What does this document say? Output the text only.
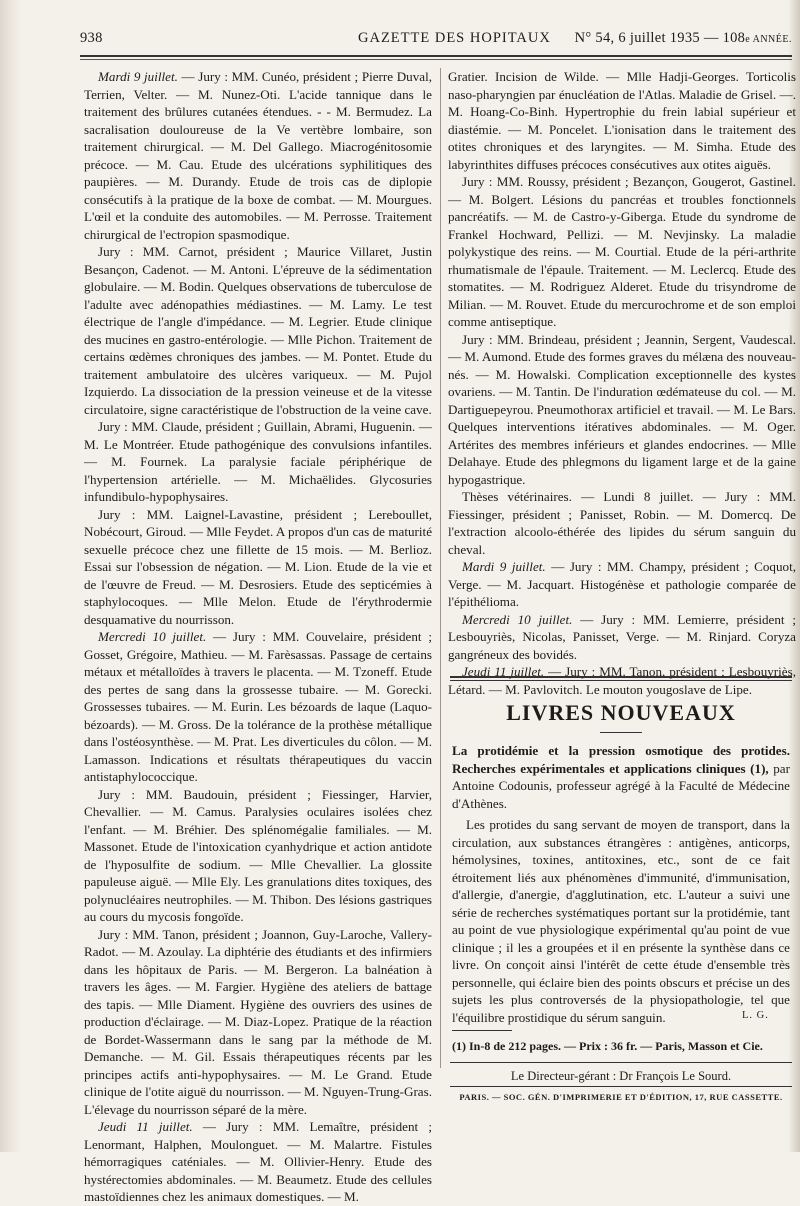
938	GAZETTE DES HOPITAUX N° 54, 6 juillet 1935 — 108e ANNÉE.

Mardi 9 juillet. — Jury : MM. Cunéo, président ; Pierre Duval, Terrien, Velter. — M. Nunez-Oti. L'acide tannique dans le traitement des brûlures cutanées étendues. - - M. Bermudez. La sacralisation douloureuse de la Ve vertèbre lombaire, son traitement chirurgical. — M. Del Gallego. Miacrogénitosomie précoce. — M. Cau. Etude des ulcérations syphilitiques des paupières. — M. Durandy. Etude de trois cas de diplopie consécutifs à la pratique de la boxe de combat. — M. Mourgues. L'œil et la conduite des automobiles. — M. Perrosse. Traitement chirurgical de l'ectropion spasmodique.

Jury : MM. Carnot, président ; Maurice Villaret, Justin Besançon, Cadenot. — M. Antoni. L'épreuve de la sédimentation globulaire. — M. Bodin. Quelques observations de tuberculose de l'adulte avec adénopathies médiastines. — M. Lamy. Le test électrique de l'angle d'impédance. — M. Legrier. Etude clinique des mucines en gastro-entérologie. — Mlle Pichon. Traitement de certains œdèmes chroniques des jambes. — M. Pontet. Etude du traitement ambulatoire des ulcères variqueux. — M. Pujol Izquierdo. La dissociation de la pression veineuse et de la vitesse circulatoire, signe caractéristique de l'obstruction de la veine cave.

Jury : MM. Claude, président ; Guillain, Abrami, Huguenin. — M. Le Montréer. Etude pathogénique des convulsions infantiles. — M. Fournek. La paralysie faciale périphérique de l'hypertension artérielle. — M. Michaëlides. Glycosuries infundibulo-hypophysaires.

Jury : MM. Laignel-Lavastine, président ; Lereboullet, Nobécourt, Giroud. — Mlle Feydet. A propos d'un cas de maturité sexuelle précoce chez une fillette de 15 mois. — M. Berlioz. Essai sur l'obsession de négation. — M. Lion. Etude de la vie et de l'œuvre de Freud. — M. Desrosiers. Etude des septicémies à staphylocoques. — Mlle Melon. Etude de l'érythrodermie desquamative du nourrisson.

Mercredi 10 juillet. — Jury : MM. Couvelaire, président ; Gosset, Grégoire, Mathieu. — M. Farèsassas. Passage de certains métaux et métalloïdes à travers le placenta. — M. Tzoneff. Etude des pertes de sang dans la grossesse tubaire. — M. Gorecki. Grossesses tubaires. — M. Eurin. Les bézoards de laque (Laquo-bézoards). — M. Gross. De la tolérance de la prothèse métallique dans l'ostéosynthèse. — M. Prat. Les diverticules du côlon. — M. Lamasson. Indications et résultats thérapeutiques du vaccin antistaphylococcique.

Jury : MM. Baudouin, président ; Fiessinger, Harvier, Chevallier. — M. Camus. Paralysies oculaires isolées chez l'enfant. — M. Bréhier. Des splénomégalie familiales. — M. Massonet. Etude de l'intoxication cyanhydrique et action antidote de l'hyposulfite de sodium. — Mlle Chevallier. La glossite papuleuse aiguë. — Mlle Ely. Les granulations dites toxiques, des polynucléaires neutrophiles. — M. Thibon. Des lésions gastriques au cours du mycosis fongoïde.

Jury : MM. Tanon, président ; Joannon, Guy-Laroche, Vallery-Radot. — M. Azoulay. La diphtérie des étudiants et des infirmiers dans les hôpitaux de Paris. — M. Bergeron. La balnéation à travers les âges. — M. Fargier. Hygiène des ateliers de battage des tapis. — Mlle Diament. Hygiène des ouvriers des usines de production d'éclairage. — M. Diaz-Lopez. Pratique de la réaction de Bordet-Wassermann dans le sang par la méthode de M. Demanche. — M. Gil. Essais thérapeutiques récents par les principes actifs anti-hypophysaires. — M. Le Grand. Etude clinique de l'otite aiguë du nourrisson. — M. Nguyen-Trung-Gras. L'élevage du nourrisson séparé de la mère.

Jeudi 11 juillet. — Jury : MM. Lemaître, président ; Lenormant, Halphen, Moulonguet. — M. Malartre. Fistules hémorragiques caténiales. — M. Ollivier-Henry. Etude des hystérectomies abdominales. — M. Beaumetz. Etude des cellules mastoïdiennes chez les animaux domestiques. — M.

Gratier. Incision de Wilde. — Mlle Hadji-Georges. Torticolis naso-pharyngien par énucléation de l'Atlas. Maladie de Grisel. —. M. Hoang-Co-Binh. Hypertrophie du frein labial supérieur et diastémie. — M. Poncelet. L'ionisation dans le traitement des otites chroniques et des laryngites. — M. Simha. Etude des labyrinthites diffuses précoces consécutives aux otites aiguës.

Jury : MM. Roussy, président ; Bezançon, Gougerot, Gastinel. — M. Bolgert. Lésions du pancréas et troubles fonctionnels pancréatifs. — M. de Castro-y-Giberga. Etude du syndrome de Frankel Hochward, Pellizi. — M. Nevjinsky. La maladie polykystique des reins. — M. Courtial. Etude de la péri-arthrite rhumatismale de l'épaule. Traitement. — M. Leclercq. Etude des stomatites. — M. Rodriguez Alderet. Etude du trisyndrome de Milian. — M. Rouvet. Etude du mercurochrome et de son emploi comme antiseptique.

Jury : MM. Brindeau, président ; Jeannin, Sergent, Vaudescal. — M. Aumond. Etude des formes graves du mélæna des nouveau-nés. — M. Howalski. Complication exceptionnelle des kystes ovariens. — M. Tantin. De l'induration œdémateuse du col. — M. Dartiguepeyrou. Pneumothorax artificiel et travail. — M. Le Bars. Quelques interventions itératives abdominales. — M. Oger. Artérites des membres inférieurs et glandes endocrines. — Mlle Delahaye. Etude des phlegmons du ligament large et de la gaine hypogastrique.

Thèses vétérinaires. — Lundi 8 juillet. — Jury : MM. Fiessinger, président ; Panisset, Robin. — M. Domercq. De l'extraction alcoolo-éthérée des lipides du sérum sanguin du cheval.

Mardi 9 juillet. — Jury : MM. Champy, président ; Coquot, Verge. — M. Jacquart. Histogénèse et pathologie comparée de l'épithélioma.

Mercredi 10 juillet. — Jury : MM. Lemierre, président ; Lesbouyriès, Nicolas, Panisset, Verge. — M. Rinjard. Coryza gangréneux des bovidés.

Jeudi 11 juillet. — Jury : MM. Tanon, président ; Lesbouyriès, Létard. — M. Pavlovitch. Le mouton yougoslave de Lipe.

LIVRES NOUVEAUX
La protidémie et la pression osmotique des protides. Recherches expérimentales et applications cliniques (1), par Antoine Codounis, professeur agrégé à la Faculté de Médecine d'Athènes.

Les protides du sang servant de moyen de transport, dans la circulation, aux substances étrangères : antigènes, anticorps, hémolysines, toxines, antitoxines, etc., sont de ce fait étroitement liés aux phénomènes d'immunité, d'immunisation, d'allergie, d'anergie, d'agglutination, etc. L'auteur a suivi une série de recherches systématiques portant sur la protidémie, tant au point de vue physiologique expérimental qu'au point de vue clinique ; il les a groupées et il en présente la synthèse dans ce livre. On conçoit ainsi l'intérêt de cette étude d'ensemble très personnelle, qui éclaire bien des points obscurs et précise un des sujets les plus controversés de la physiopathologie, tel que l'équilibre prostidique du sérum sanguin.	L. G.
(1) In-8 de 212 pages. — Prix : 36 fr. — Paris, Masson et Cie.
Le Directeur-gérant : Dr François Le Sourd.
PARIS. — SOC. GÉN. D'IMPRIMERIE ET D'ÉDITION, 17, RUE CASSETTE.
